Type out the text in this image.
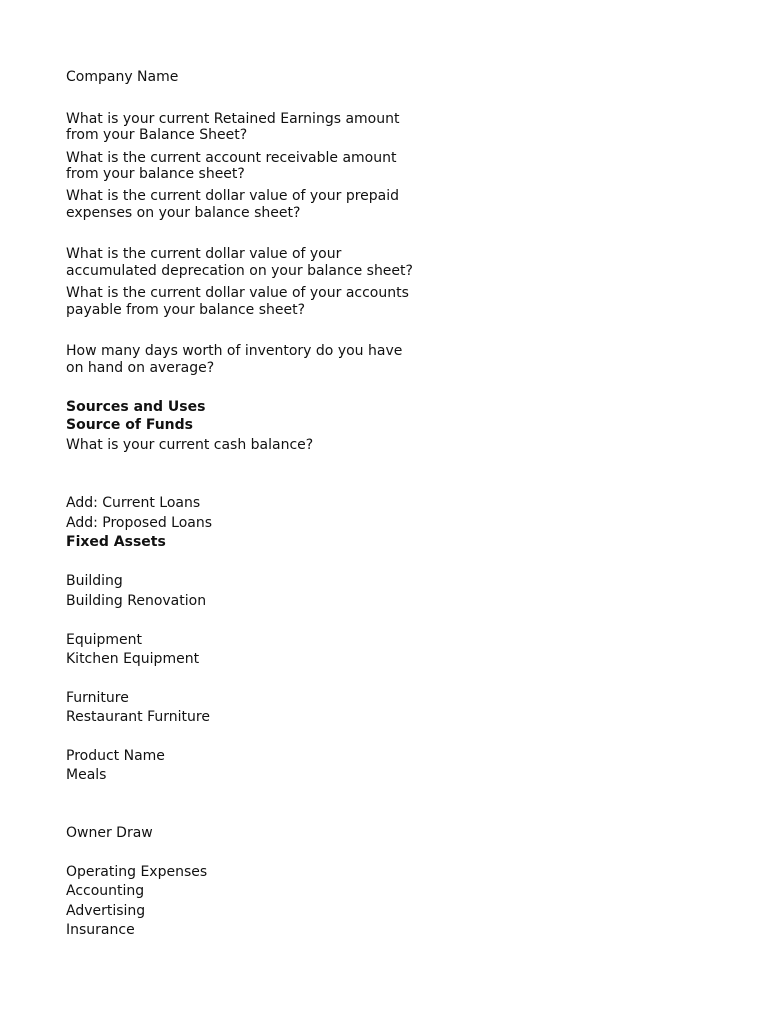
Company Name

What is your current Retained Earnings amount

from your Balance Sheet?

What is the current account receivable amount

from your balance sheet?

What is the current dollar value of your prepaid

expenses on your balance sheet?

What is the current dollar value of your

accumulated deprecation on your balance sheet?

What is the current dollar value of your accounts

payable from your balance sheet?

How many days worth of inventory do you have

on hand on average?

Sources and Uses

Source of Funds

What is your current cash balance?

Add: Current Loans

Add: Proposed Loans

Fixed Assets

Building

Building Renovation

Equipment

Kitchen Equipment

Furniture

Restaurant Furniture

Product Name

Meals

Owner Draw

Operating Expenses

Accounting

Advertising

Insurance
